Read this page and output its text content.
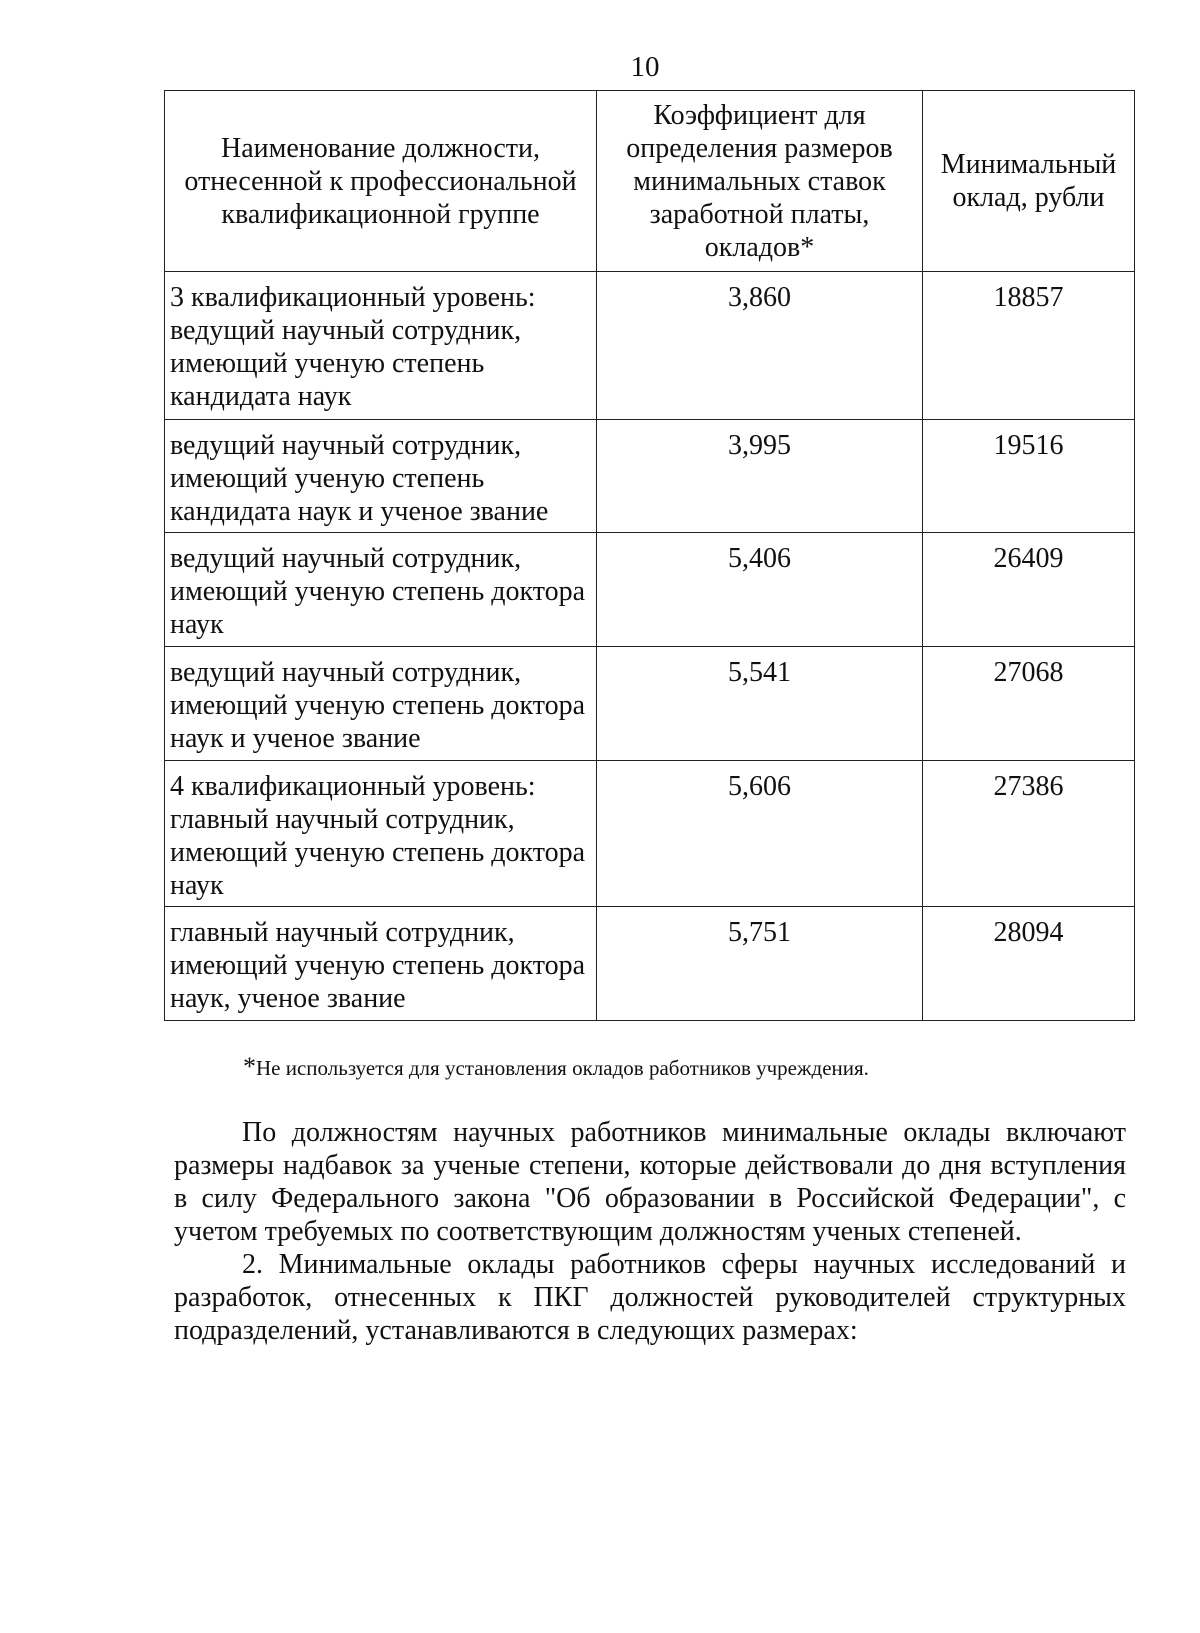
10
Наименование должности, отнесенной к профессиональной квалификационной группе	Коэффициент для определения размеров минимальных ставок заработной платы, окладов*	Минимальный оклад, рубли
3 квалификационный уровень: ведущий научный сотрудник, имеющий ученую степень кандидата наук	3,860	18857
ведущий научный сотрудник, имеющий ученую степень кандидата наук и ученое звание	3,995	19516
ведущий научный сотрудник, имеющий ученую степень доктора наук	5,406	26409
ведущий научный сотрудник, имеющий ученую степень доктора наук и ученое звание	5,541	27068
4 квалификационный уровень: главный научный сотрудник, имеющий ученую степень доктора наук	5,606	27386
главный научный сотрудник, имеющий ученую степень доктора наук, ученое звание	5,751	28094
*Не используется для установления окладов работников учреждения.

По должностям научных работников минимальные оклады включают размеры надбавок за ученые степени, которые действовали до дня вступления в силу Федерального закона "Об образовании в Российской Федерации", с учетом требуемых по соответствующим должностям ученых степеней.

2. Минимальные оклады работников сферы научных исследований и разработок, отнесенных к ПКГ должностей руководителей структурных подразделений, устанавливаются в следующих размерах:
